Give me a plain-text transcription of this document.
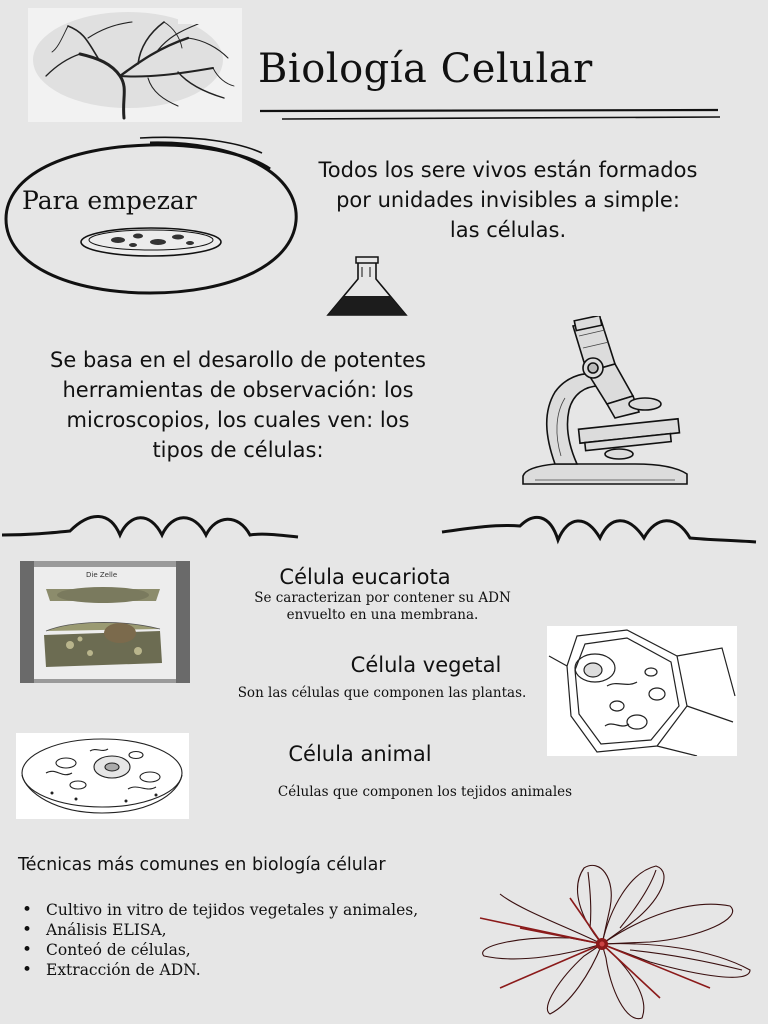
Biología Celular
Para empezar
Todos los sere vivos están formados por unidades invisibles a simple: las células.
Se basa en el desarollo de potentes herramientas de observación: los microscopios, los cuales ven: los tipos de células:
Die Zelle	Célula eucariota
Se caracterizan por contener su ADN envuelto en una membrana.
Célula vegetal
Son las células que componen las plantas.
Célula animal
Células que componen los tejidos animales
Técnicas más comunes en biología célular
• Cultivo in vitro de tejidos vegetales y animales,
• Análisis ELISA,
• Conteó de células,
• Extracción de ADN.
